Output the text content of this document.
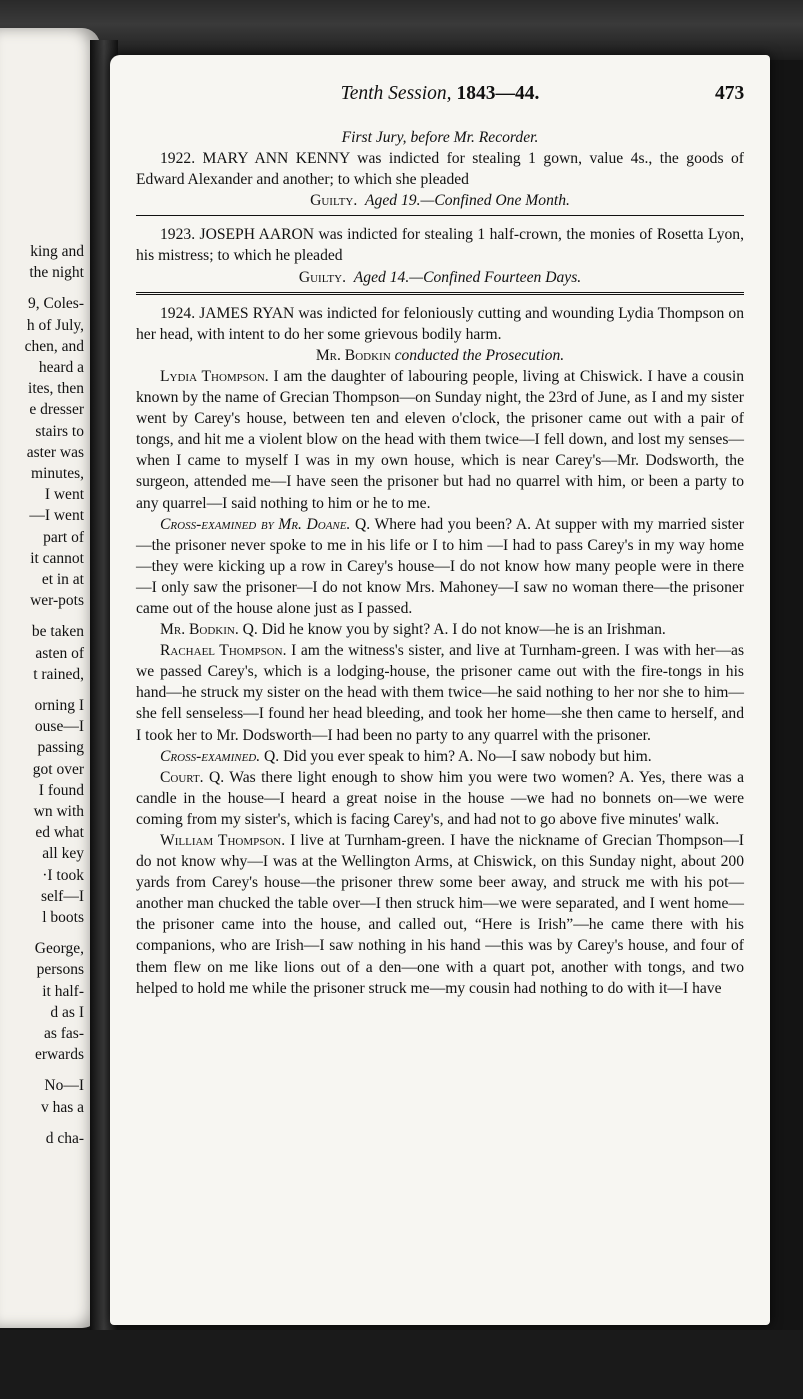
king and
the night
9, Coles-
h of July,
chen, and
heard a
ites, then
e dresser
stairs to
aster was
minutes,
I went
—I went
part of
it cannot
et in at
wer-pots
be taken
asten of
t rained,
orning I
ouse—I
passing
got over
I found
wn with
ed what
all key
·I took
self—I
l boots
George,
persons
it half-
d as I
as fas-
erwards
No—I
v has a
d cha-
Tenth Session, 1843—44.	473

First Jury, before Mr. Recorder.

1922. MARY ANN KENNY was indicted for stealing 1 gown, value 4s., the goods of Edward Alexander and another; to which she pleaded

Guilty. Aged 19.—Confined One Month.

1923. JOSEPH AARON was indicted for stealing 1 half-crown, the monies of Rosetta Lyon, his mistress; to which he pleaded

Guilty. Aged 14.—Confined Fourteen Days.

1924. JAMES RYAN was indicted for feloniously cutting and wounding Lydia Thompson on her head, with intent to do her some grievous bodily harm.

Mr. Bodkin conducted the Prosecution.

Lydia Thompson. I am the daughter of labouring people, living at Chiswick. I have a cousin known by the name of Grecian Thompson—on Sunday night, the 23rd of June, as I and my sister went by Carey's house, between ten and eleven o'clock, the prisoner came out with a pair of tongs, and hit me a violent blow on the head with them twice—I fell down, and lost my senses—when I came to myself I was in my own house, which is near Carey's—Mr. Dodsworth, the surgeon, attended me—I have seen the prisoner but had no quarrel with him, or been a party to any quarrel—I said nothing to him or he to me.

Cross-examined by Mr. Doane. Q. Where had you been? A. At supper with my married sister—the prisoner never spoke to me in his life or I to him —I had to pass Carey's in my way home—they were kicking up a row in Carey's house—I do not know how many people were in there—I only saw the prisoner—I do not know Mrs. Mahoney—I saw no woman there—the prisoner came out of the house alone just as I passed.

Mr. Bodkin. Q. Did he know you by sight? A. I do not know—he is an Irishman.

Rachael Thompson. I am the witness's sister, and live at Turnham-green. I was with her—as we passed Carey's, which is a lodging-house, the prisoner came out with the fire-tongs in his hand—he struck my sister on the head with them twice—he said nothing to her nor she to him—she fell senseless—I found her head bleeding, and took her home—she then came to herself, and I took her to Mr. Dodsworth—I had been no party to any quarrel with the prisoner.

Cross-examined. Q. Did you ever speak to him? A. No—I saw nobody but him.

Court. Q. Was there light enough to show him you were two women? A. Yes, there was a candle in the house—I heard a great noise in the house —we had no bonnets on—we were coming from my sister's, which is facing Carey's, and had not to go above five minutes' walk.

William Thompson. I live at Turnham-green. I have the nickname of Grecian Thompson—I do not know why—I was at the Wellington Arms, at Chiswick, on this Sunday night, about 200 yards from Carey's house—the prisoner threw some beer away, and struck me with his pot—another man chucked the table over—I then struck him—we were separated, and I went home—the prisoner came into the house, and called out, “Here is Irish”—he came there with his companions, who are Irish—I saw nothing in his hand —this was by Carey's house, and four of them flew on me like lions out of a den—one with a quart pot, another with tongs, and two helped to hold me while the prisoner struck me—my cousin had nothing to do with it—I have
